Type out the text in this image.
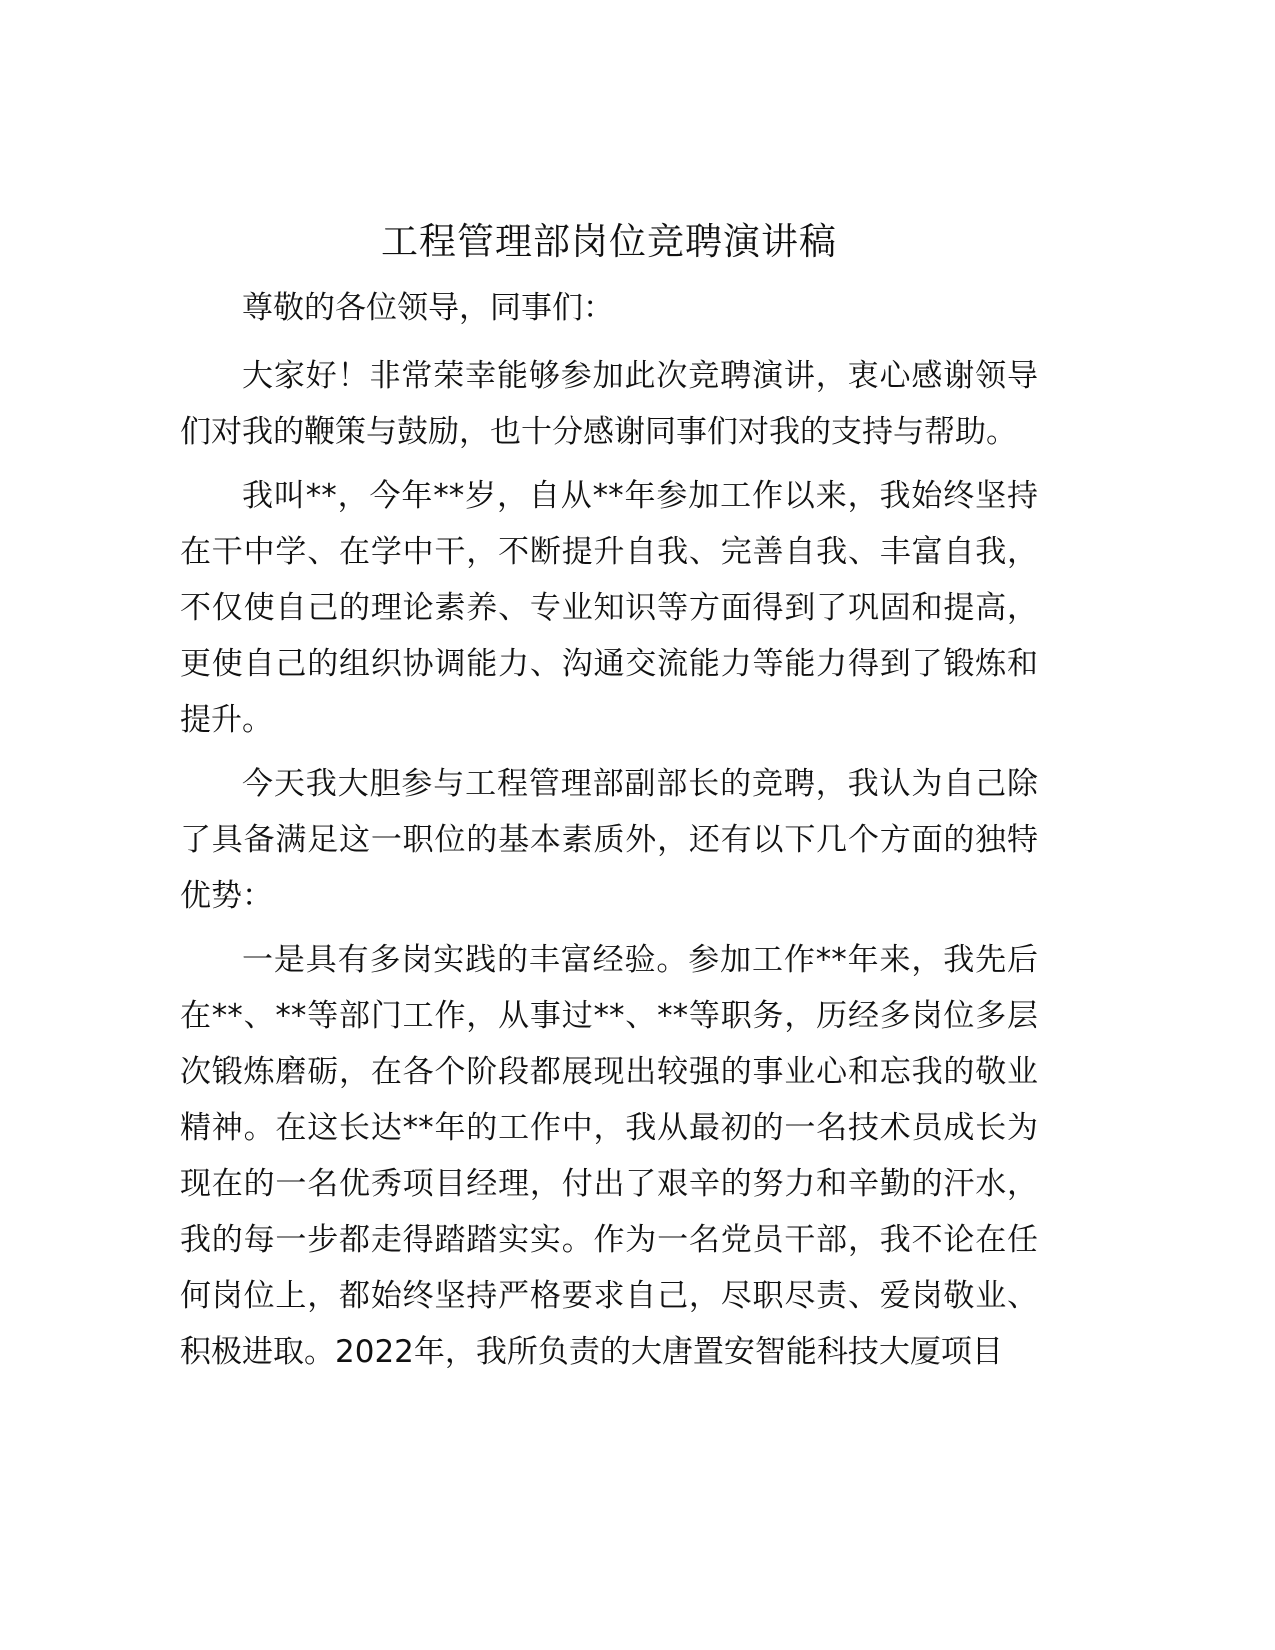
工程管理部岗位竞聘演讲稿

尊敬的各位领导，同事们：

大家好！非常荣幸能够参加此次竞聘演讲，衷心感谢领导们对我的鞭策与鼓励，也十分感谢同事们对我的支持与帮助。

我叫**，今年**岁，自从**年参加工作以来，我始终坚持在干中学、在学中干，不断提升自我、完善自我、丰富自我，不仅使自己的理论素养、专业知识等方面得到了巩固和提高，更使自己的组织协调能力、沟通交流能力等能力得到了锻炼和提升。

今天我大胆参与工程管理部副部长的竞聘，我认为自己除了具备满足这一职位的基本素质外，还有以下几个方面的独特优势：

一是具有多岗实践的丰富经验。参加工作**年来，我先后在**、**等部门工作，从事过**、**等职务，历经多岗位多层次锻炼磨砺，在各个阶段都展现出较强的事业心和忘我的敬业精神。在这长达**年的工作中，我从最初的一名技术员成长为现在的一名优秀项目经理，付出了艰辛的努力和辛勤的汗水，我的每一步都走得踏踏实实。作为一名党员干部，我不论在任何岗位上，都始终坚持严格要求自己，尽职尽责、爱岗敬业、积极进取。2022年，我所负责的大唐置安智能科技大厦项目
